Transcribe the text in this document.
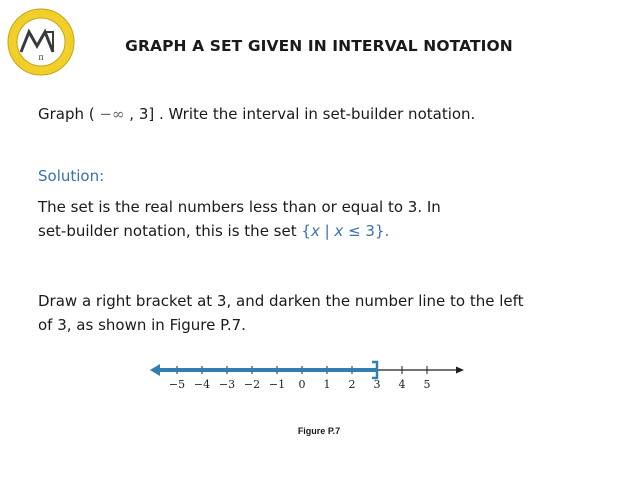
π
GRAPH A SET GIVEN IN INTERVAL NOTATION
Graph ( −∞ , 3] . Write the interval in set-builder notation.
Solution:
The set is the real numbers less than or equal to 3. In
set-builder notation, this is the set {x | x ≤ 3}.
Draw a right bracket at 3, and darken the number line to the left
of 3, as shown in Figure P.7.
−5 −4 −3 −2 −1 0 1 2 3 4 5
Figure P.7
